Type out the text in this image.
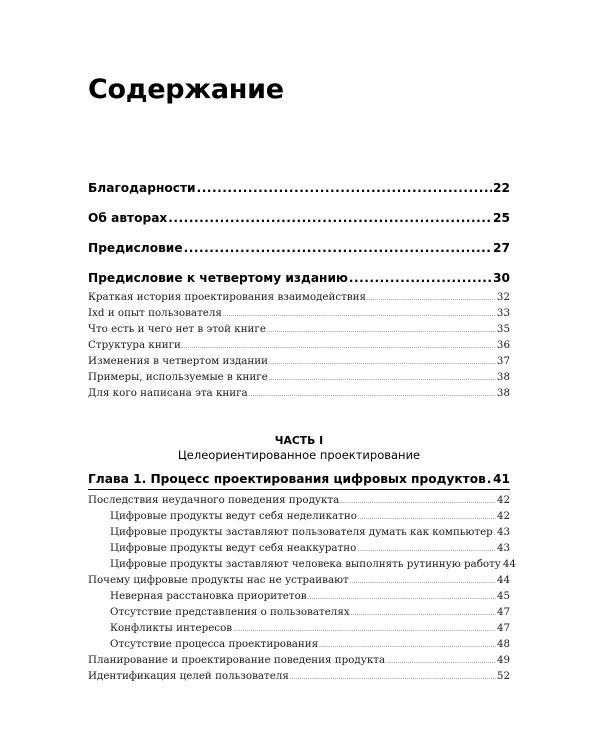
Содержание
Благодарности .....	22
Об авторах .....	25
Предисловие .....	27
Предисловие к четвертому изданию .....	30
Краткая история проектирования взаимодействия .....	32
Ixd и опыт пользователя .....	33
Что есть и чего нет в этой книге .....	35
Структура книги .....	36
Изменения в четвертом издании .....	37
Примеры, используемые в книге .....	38
Для кого написана эта книга .....	38
ЧАСТЬ I
Целеориентированное проектирование
Глава 1. Процесс проектирования цифровых продуктов ..... 41
Последствия неудачного поведения продукта .....	42
Цифровые продукты ведут себя неделикатно .....	42
Цифровые продукты заставляют пользователя думать как компьютер ..... 43
Цифровые продукты ведут себя неаккуратно .....	43
Цифровые продукты заставляют человека выполнять рутинную работу 44
Почему цифровые продукты нас не устраивают .....	44
Неверная расстановка приоритетов .....	45
Отсутствие представления о пользователях .....	47
Конфликты интересов .....	47
Отсутствие процесса проектирования .....	48
Планирование и проектирование поведения продукта .....	49
Идентификация целей пользователя .....	52
